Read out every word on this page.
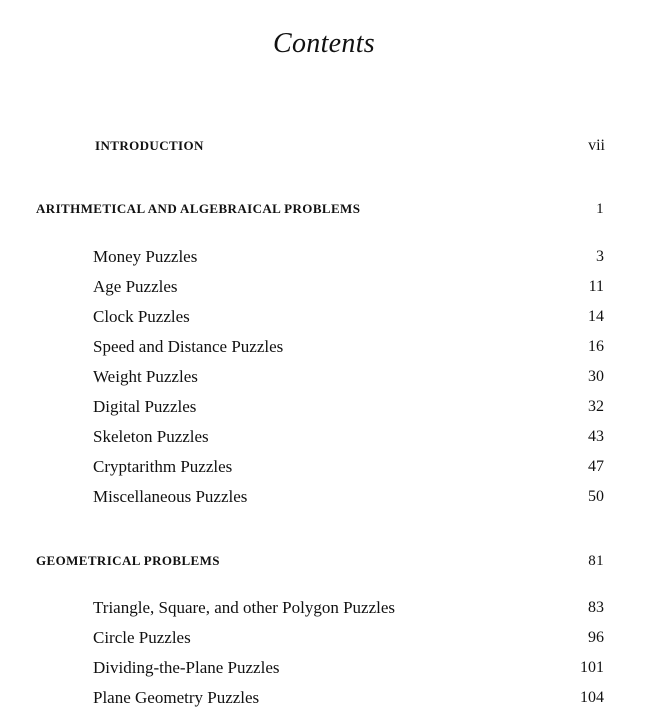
Contents
INTRODUCTION	vii
ARITHMETICAL AND ALGEBRAICAL PROBLEMS	1
Money Puzzles	3
Age Puzzles	11
Clock Puzzles	14
Speed and Distance Puzzles	16
Weight Puzzles	30
Digital Puzzles	32
Skeleton Puzzles	43
Cryptarithm Puzzles	47
Miscellaneous Puzzles	50
GEOMETRICAL PROBLEMS	81
Triangle, Square, and other Polygon Puzzles	83
Circle Puzzles	96
Dividing-the-Plane Puzzles	101
Plane Geometry Puzzles	104
